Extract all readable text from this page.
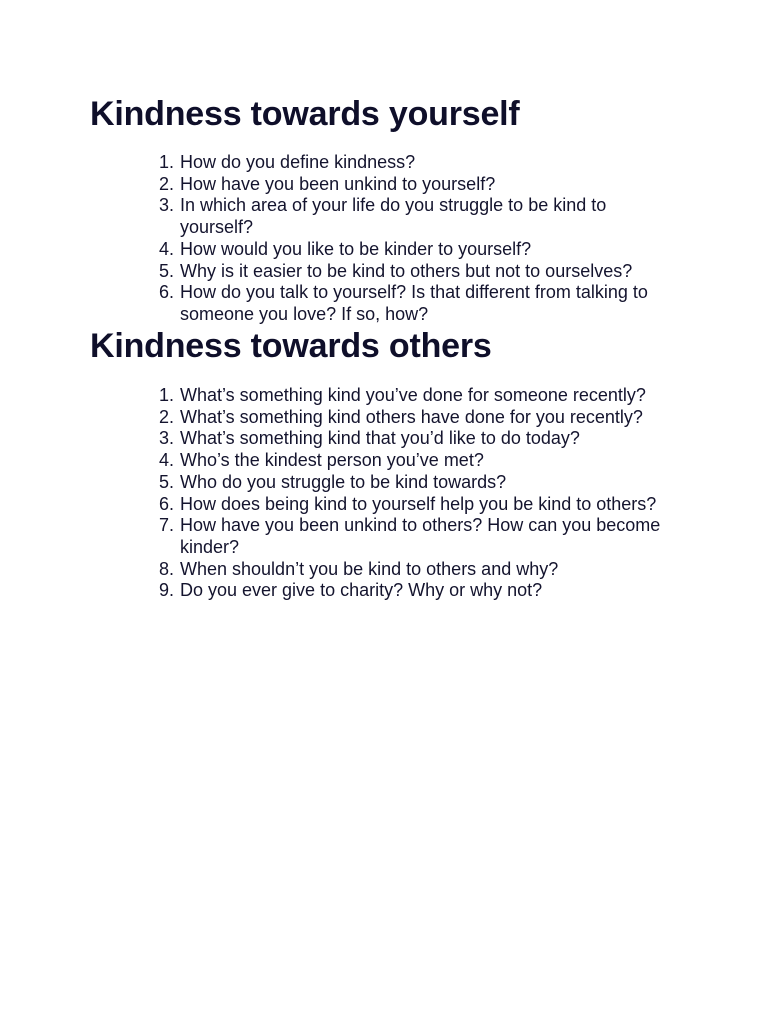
Kindness towards yourself
1. How do you define kindness?
2. How have you been unkind to yourself?
3. In which area of your life do you struggle to be kind to yourself?
4. How would you like to be kinder to yourself?
5. Why is it easier to be kind to others but not to ourselves?
6. How do you talk to yourself? Is that different from talking to someone you love? If so, how?
Kindness towards others
1. What’s something kind you’ve done for someone recently?
2. What’s something kind others have done for you recently?
3. What’s something kind that you’d like to do today?
4. Who’s the kindest person you’ve met?
5. Who do you struggle to be kind towards?
6. How does being kind to yourself help you be kind to others?
7. How have you been unkind to others? How can you become kinder?
8. When shouldn’t you be kind to others and why?
9. Do you ever give to charity? Why or why not?
